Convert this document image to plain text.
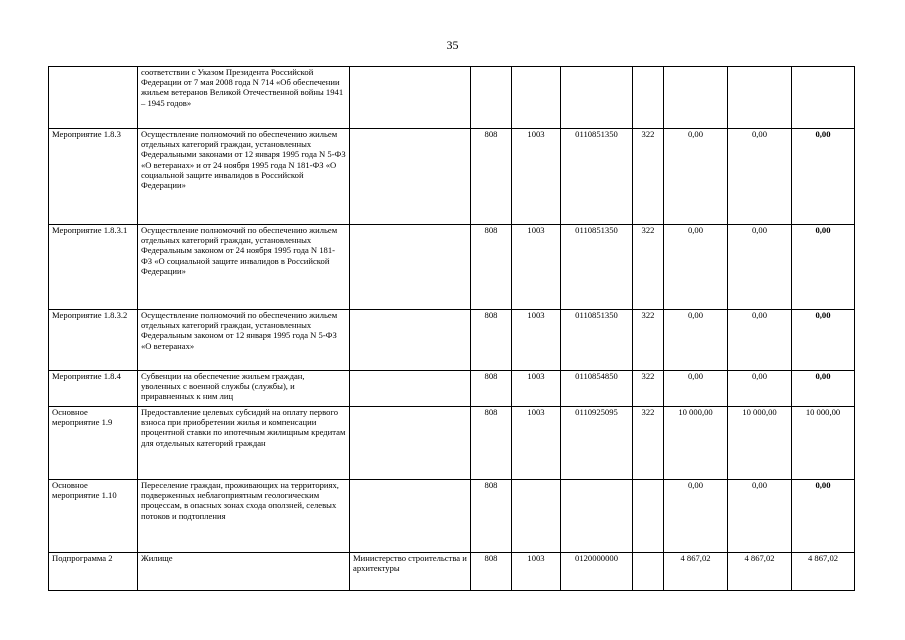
35
	соответствии с Указом Президента Российской Федерации от 7 мая 2008 года N 714 «Об обеспечении жильем ветеранов Великой Отечественной войны 1941 – 1945 годов»								
Мероприятие 1.8.3	Осуществление полномочий по обеспечению жильем отдельных категорий граждан, установленных Федеральными законами от 12 января 1995 года N 5-ФЗ «О ветеранах» и от 24 ноября 1995 года N 181-ФЗ «О социальной защите инвалидов в Российской Федерации»		808	1003	0110851350	322	0,00	0,00	0,00
Мероприятие 1.8.3.1	Осуществление полномочий по обеспечению жильем отдельных категорий граждан, установленных Федеральным законом от 24 ноября 1995 года N 181-ФЗ «О социальной защите инвалидов в Российской Федерации»		808	1003	0110851350	322	0,00	0,00	0,00
Мероприятие 1.8.3.2	Осуществление полномочий по обеспечению жильем отдельных категорий граждан, установленных Федеральным законом от 12 января 1995 года N 5-ФЗ «О ветеранах»		808	1003	0110851350	322	0,00	0,00	0,00
Мероприятие 1.8.4	Субвенции на обеспечение жильем граждан, уволенных с военной службы (службы), и приравненных к ним лиц		808	1003	0110854850	322	0,00	0,00	0,00
Основное мероприятие 1.9	Предоставление целевых субсидий на оплату первого взноса при приобретении жилья и компенсации процентной ставки по ипотечным жилищным кредитам для отдельных категорий граждан		808	1003	0110925095	322	10 000,00	10 000,00	10 000,00
Основное мероприятие 1.10	Переселение граждан, проживающих на территориях, подверженных неблагоприятным геологическим процессам, в опасных зонах схода оползней, селевых потоков и подтопления		808				0,00	0,00	0,00
Подпрограмма 2	Жилище	Министерство строительства и архитектуры	808	1003	0120000000		4 867,02	4 867,02	4 867,02
